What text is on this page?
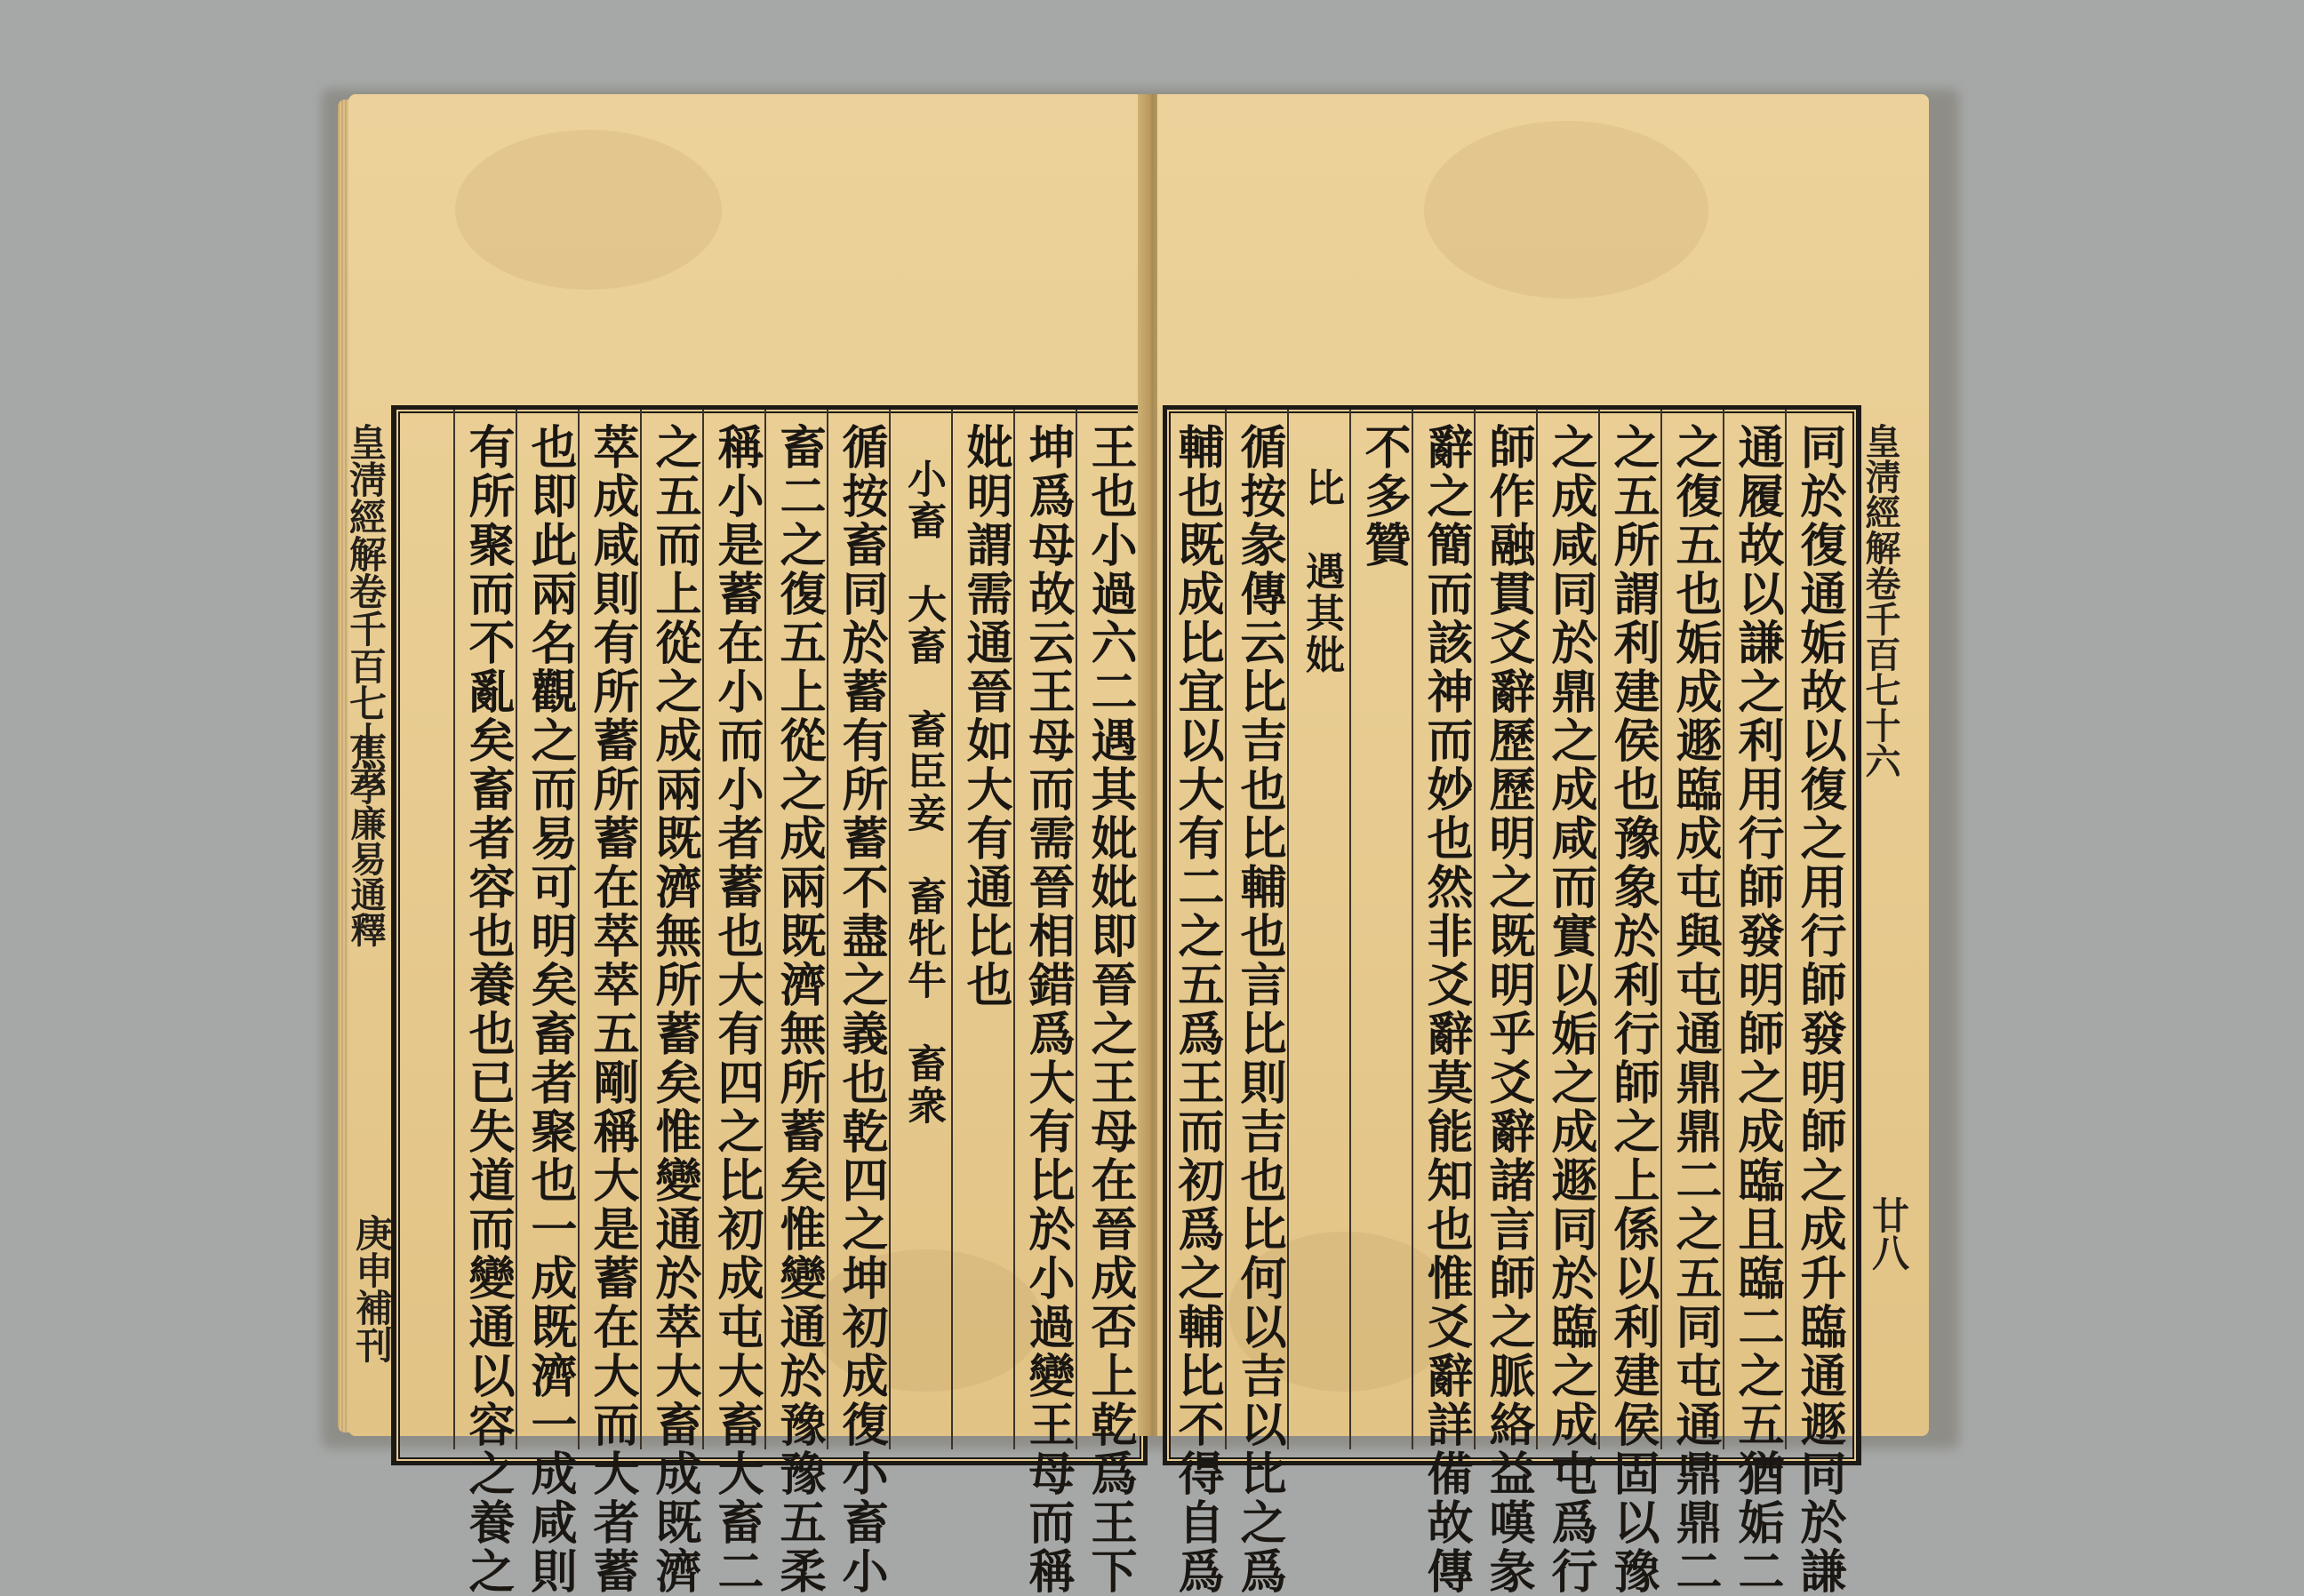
皇淸經解卷千百七十六
焦孝廉易通釋
庚申補刊	王也小過六二遇其妣妣即晉之王母在晉成否上乾爲王下
坤爲母故云王母而需晉相錯爲大有比於小過變王母而稱
妣明謂需通晉如大有通比也
小畜　大畜　畜臣妾　畜牝牛　畜衆
循按畜同於蓄有所蓄不盡之義也乾四之坤初成復小畜小
畜二之復五上從之成兩既濟無所蓄矣惟變通於豫豫五柔
稱小是蓄在小而小者蓄也大有四之比初成屯大畜大畜二
之五而上從之成兩既濟無所蓄矣惟變通於萃大畜成既濟
萃成咸則有所蓄所蓄在萃萃五剛稱大是蓄在大而大者蓄
也即此兩名觀之而易可明矣畜者聚也一成既濟一成咸則
有所聚而不亂矣畜者容也養也已失道而變通以容之養之	同於復通姤故以復之用行師發明師之成升臨通遯同於謙
通履故以謙之利用行師發明師之成臨且臨二之五猶姤二
之復五也姤成遯臨成屯與屯通鼎鼎二之五同屯通鼎鼎二
之五所謂利建侯也豫象於利行師之上係以利建侯固以豫
之成咸同於鼎之成咸而實以姤之成遯同於臨之成屯爲行
師作融貫爻辭歷歷明之既明乎爻辭諸言師之脈絡益嘆彖
辭之簡而該神而妙也然非爻辭莫能知也惟爻辭詳備故傳
不多贊
比　遇其妣
循按彖傳云比吉也比輔也言比則吉也比何以吉以比之爲
輔也既成比宜以大有二之五爲王而初爲之輔比不得自爲	皇淸經解卷千百七十六
廿八
